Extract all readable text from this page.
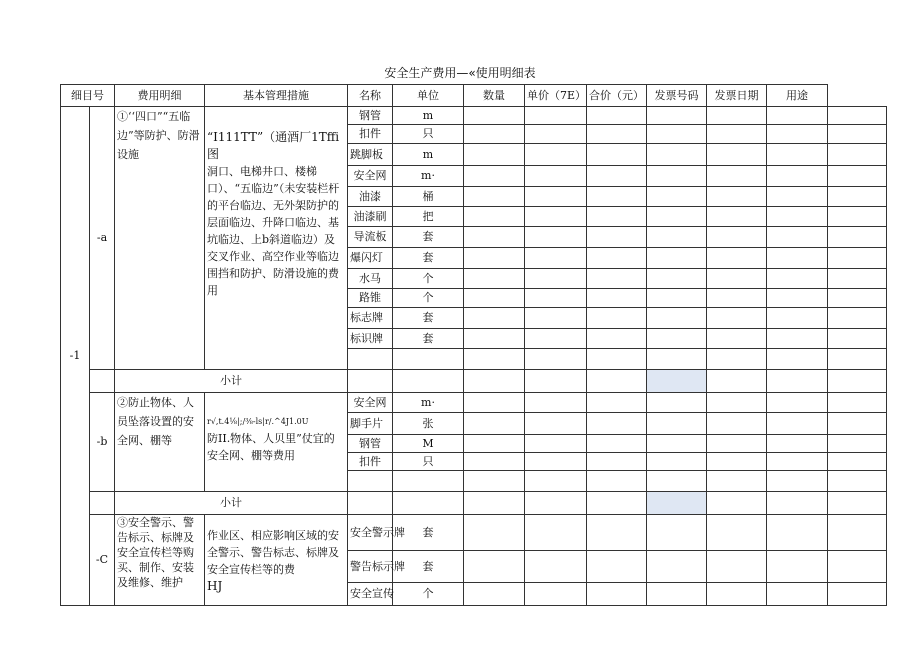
安全生产费用—«使用明细表
细目号		费用明细	基本管理措施	名称	单位	数量	单价（7E）	合价（元）	发票号码	发票日期	用途	
-1	-a	①‘‘四口”“五临边”等防护、防滑设施	“I111TT”（通酒厂1Tffi图
洞口、电梯井口、楼梯口）、“五临边”（未安装栏杆的平台临边、无外架防护的层面临边、升降口临边、基坑临边、上b斜道临边）及交叉作业、高空作业等临边围挡和防护、防滑设施的费用	钢管	m							
				扣件	只							
				跳脚板	m							
				安全网	m·							
				油漆	桶							
				油漆刷	把							
				导流板	套							
				爆闪灯	套							
				水马	个							
				路锥	个							
				标志牌	套							
				标识牌	套							

		小计										
	-b	②防止物体、人员坠落设置的安全网、棚等	r√,t.4⅛|;/⅜-ls|r/.^4J1.0U
防II.物体、人贝里”仗宜的安全网、棚等费用	安全网	m·							
				脚手片	张							
				钢管	M							
				扣件	只							

		小计										
	-C	③安全警示、警告标示、标牌及安全宣传栏等购买、制作、安装及维修、维护	作业区、相应影响区域的安全警示、警告标志、标牌及安全宣传栏等的费
HJ	安全警示牌	套							
				警告标示牌	套							
				安全宣传	个							
